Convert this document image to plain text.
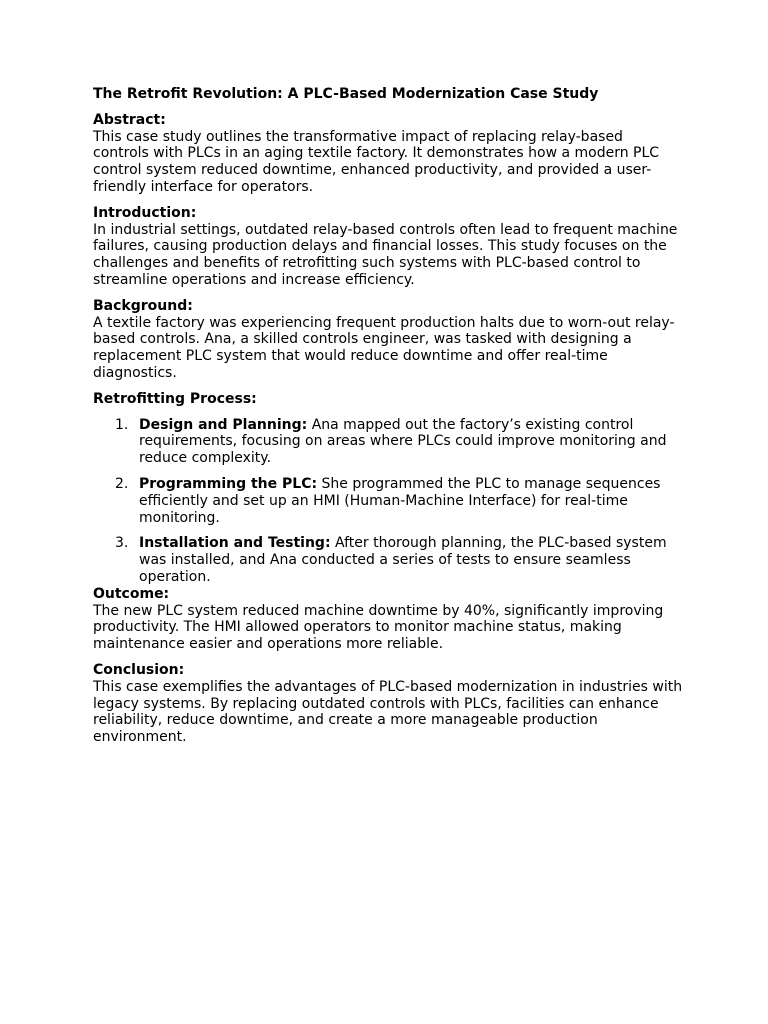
The Retrofit Revolution: A PLC-Based Modernization Case Study
Abstract:
This case study outlines the transformative impact of replacing relay-based controls with PLCs in an aging textile factory. It demonstrates how a modern PLC control system reduced downtime, enhanced productivity, and provided a user-friendly interface for operators.
Introduction:
In industrial settings, outdated relay-based controls often lead to frequent machine failures, causing production delays and financial losses. This study focuses on the challenges and benefits of retrofitting such systems with PLC-based control to streamline operations and increase efficiency.
Background:
A textile factory was experiencing frequent production halts due to worn-out relay-based controls. Ana, a skilled controls engineer, was tasked with designing a replacement PLC system that would reduce downtime and offer real-time diagnostics.
Retrofitting Process:
1. Design and Planning: Ana mapped out the factory’s existing control requirements, focusing on areas where PLCs could improve monitoring and reduce complexity.
2. Programming the PLC: She programmed the PLC to manage sequences efficiently and set up an HMI (Human-Machine Interface) for real-time monitoring.
3. Installation and Testing: After thorough planning, the PLC-based system was installed, and Ana conducted a series of tests to ensure seamless operation.
Outcome:
The new PLC system reduced machine downtime by 40%, significantly improving productivity. The HMI allowed operators to monitor machine status, making maintenance easier and operations more reliable.
Conclusion:
This case exemplifies the advantages of PLC-based modernization in industries with legacy systems. By replacing outdated controls with PLCs, facilities can enhance reliability, reduce downtime, and create a more manageable production environment.
